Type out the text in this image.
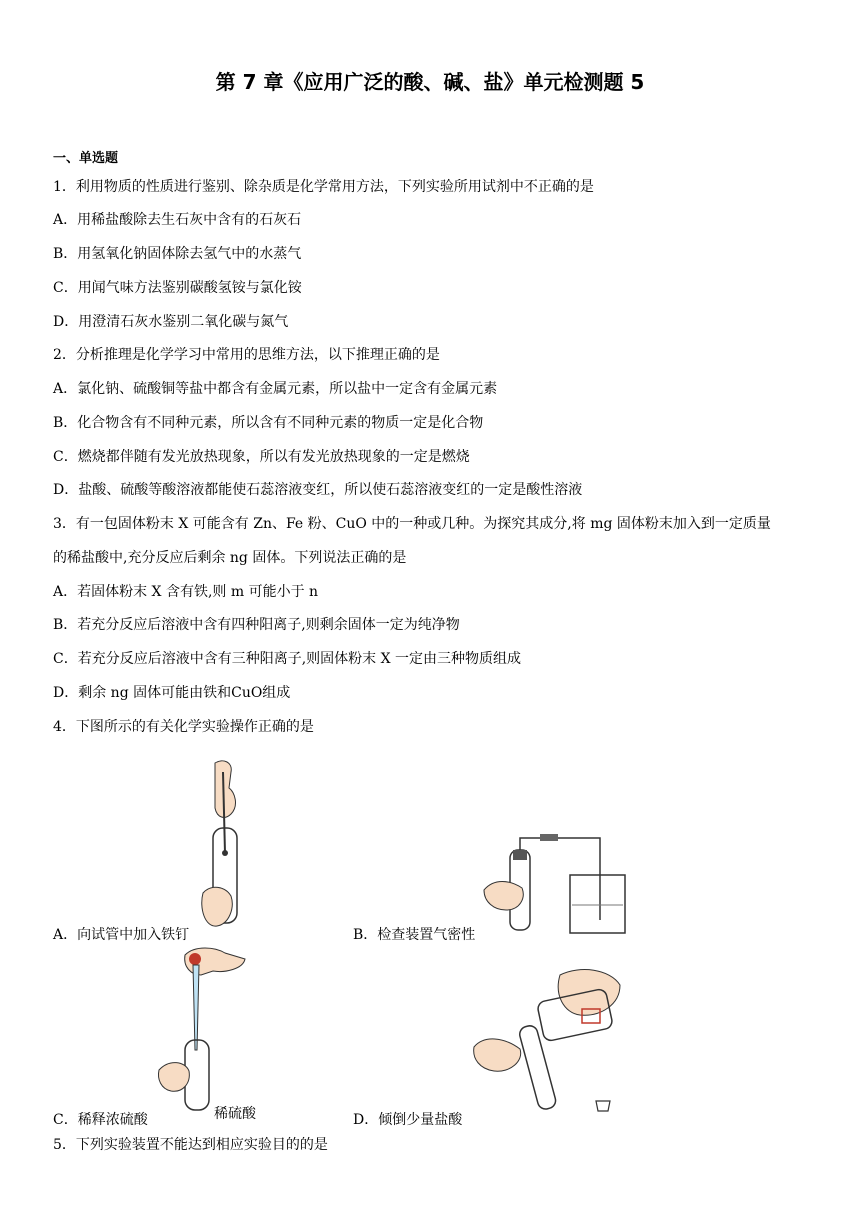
第 7 章《应用广泛的酸、碱、盐》单元检测题 5
一、单选题
1．利用物质的性质进行鉴别、除杂质是化学常用方法，下列实验所用试剂中不正确的是
A．用稀盐酸除去生石灰中含有的石灰石
B．用氢氧化钠固体除去氢气中的水蒸气
C．用闻气味方法鉴别碳酸氢铵与氯化铵
D．用澄清石灰水鉴别二氧化碳与氮气
2．分析推理是化学学习中常用的思维方法，以下推理正确的是
A．氯化钠、硫酸铜等盐中都含有金属元素，所以盐中一定含有金属元素
B．化合物含有不同种元素，所以含有不同种元素的物质一定是化合物
C．燃烧都伴随有发光放热现象，所以有发光放热现象的一定是燃烧
D．盐酸、硫酸等酸溶液都能使石蕊溶液变红，所以使石蕊溶液变红的一定是酸性溶液
3．有一包固体粉末 X 可能含有 Zn、Fe 粉、CuO 中的一种或几种。为探究其成分,将 mg 固体粉末加入到一定质量
的稀盐酸中,充分反应后剩余 ng 固体。下列说法正确的是
A．若固体粉末 X 含有铁,则 m 可能小于 n
B．若充分反应后溶液中含有四种阳离子,则剩余固体一定为纯净物
C．若充分反应后溶液中含有三种阳离子,则固体粉末 X 一定由三种物质组成
D．剩余 ng 固体可能由铁和CuO组成
4．下图所示的有关化学实验操作正确的是
A．向试管中加入铁钉	B．检查装置气密性
稀硫酸
C．稀释浓硫酸	D．倾倒少量盐酸
5．下列实验装置不能达到相应实验目的的是
